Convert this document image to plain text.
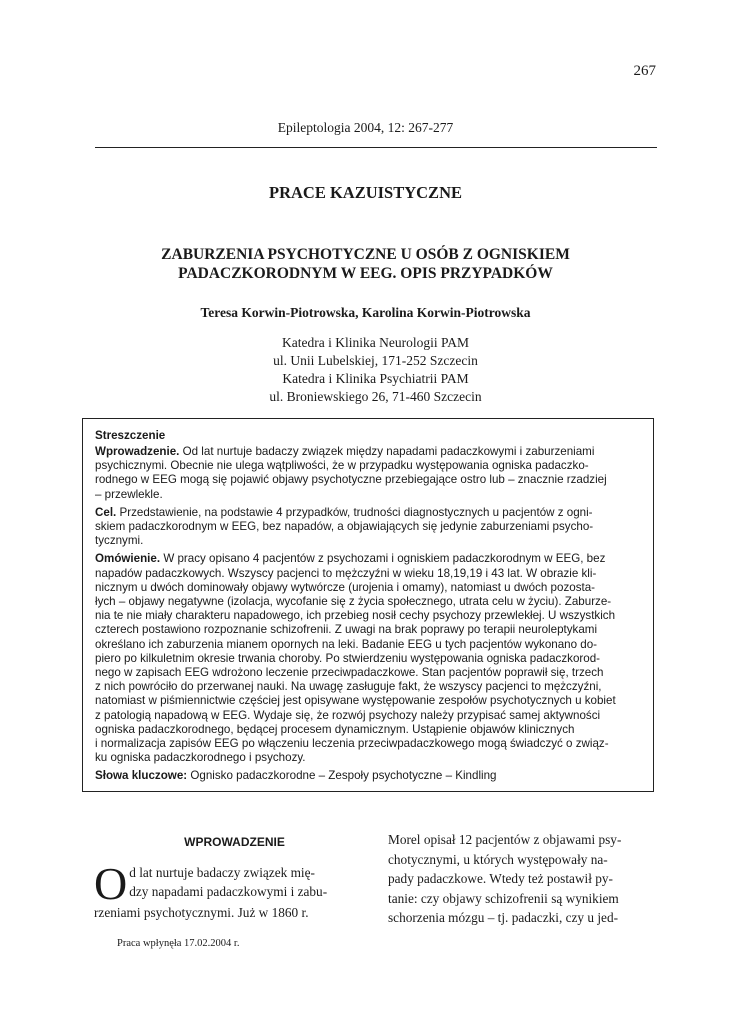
267
Epileptologia 2004, 12: 267-277
PRACE KAZUISTYCZNE
ZABURZENIA PSYCHOTYCZNE U OSÓB Z OGNISKIEM
PADACZKORODNYM W EEG. OPIS PRZYPADKÓW
Teresa Korwin-Piotrowska, Karolina Korwin-Piotrowska
Katedra i Klinika Neurologii PAM
ul. Unii Lubelskiej, 171-252 Szczecin
Katedra i Klinika Psychiatrii PAM
ul. Broniewskiego 26, 71-460 Szczecin
Streszczenie
Wprowadzenie. Od lat nurtuje badaczy związek między napadami padaczkowymi i zaburzeniami
psychicznymi. Obecnie nie ulega wątpliwości, że w przypadku występowania ogniska padaczko-
rodnego w EEG mogą się pojawić objawy psychotyczne przebiegające ostro lub – znacznie rzadziej
– przewlekle.
Cel. Przedstawienie, na podstawie 4 przypadków, trudności diagnostycznych u pacjentów z ogni-
skiem padaczkorodnym w EEG, bez napadów, a objawiających się jedynie zaburzeniami psycho-
tycznymi.
Omówienie. W pracy opisano 4 pacjentów z psychozami i ogniskiem padaczkorodnym w EEG, bez
napadów padaczkowych. Wszyscy pacjenci to mężczyźni w wieku 18,19,19 i 43 lat. W obrazie kli-
nicznym u dwóch dominowały objawy wytwórcze (urojenia i omamy), natomiast u dwóch pozosta-
łych – objawy negatywne (izolacja, wycofanie się z życia społecznego, utrata celu w życiu). Zaburze-
nia te nie miały charakteru napadowego, ich przebieg nosił cechy psychozy przewlekłej. U wszystkich
czterech postawiono rozpoznanie schizofrenii. Z uwagi na brak poprawy po terapii neuroleptykami
określano ich zaburzenia mianem opornych na leki. Badanie EEG u tych pacjentów wykonano do-
piero po kilkuletnim okresie trwania choroby. Po stwierdzeniu występowania ogniska padaczkorod-
nego w zapisach EEG wdrożono leczenie przeciwpadaczkowe. Stan pacjentów poprawił się, trzech
z nich powróciło do przerwanej nauki. Na uwagę zasługuje fakt, że wszyscy pacjenci to mężczyźni,
natomiast w piśmiennictwie częściej jest opisywane występowanie zespołów psychotycznych u kobiet
z patologią napadową w EEG. Wydaje się, że rozwój psychozy należy przypisać samej aktywności
ogniska padaczkorodnego, będącej procesem dynamicznym. Ustąpienie objawów klinicznych
i normalizacja zapisów EEG po włączeniu leczenia przeciwpadaczkowego mogą świadczyć o związ-
ku ogniska padaczkorodnego i psychozy.
Słowa kluczowe: Ognisko padaczkorodne – Zespoły psychotyczne – Kindling
WPROWADZENIE
O d lat nurtuje badaczy związek mię-
dzy napadami padaczkowymi i zabu-
rzeniami psychotycznymi. Już w 1860 r.
Morel opisał 12 pacjentów z objawami psy-
chotycznymi, u których występowały na-
pady padaczkowe. Wtedy też postawił py-
tanie: czy objawy schizofrenii są wynikiem
schorzenia mózgu – tj. padaczki, czy u jed-
Praca wpłynęła 17.02.2004 r.
